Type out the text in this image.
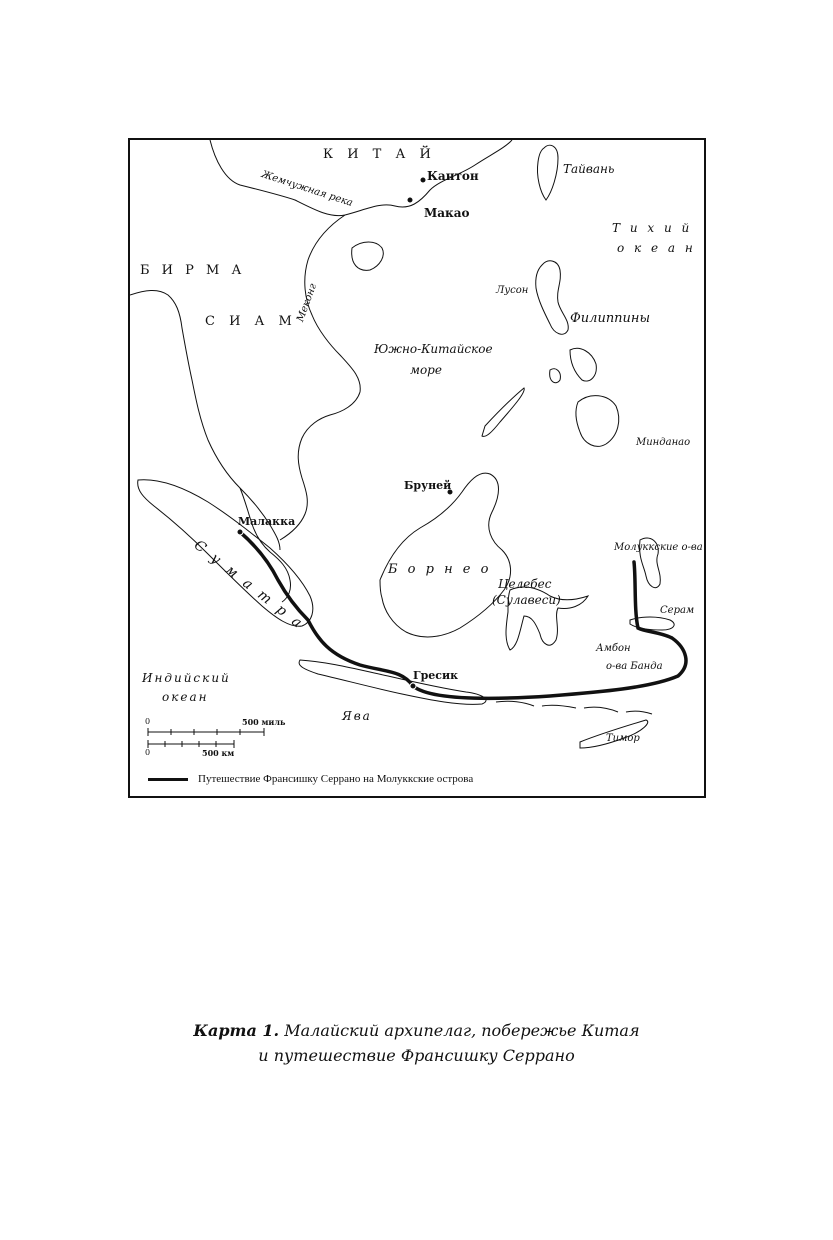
К И Т А Й
Жемчужная река	Кантон
Макао
Тайвань
Т и х и й
о к е а н
Б И Р М А
С И А М
Меконг	Лусон
Филиппины
Южно-Китайское
море
Минданао
Бруней
Малакка
Молуккские о-ва
С у м а т р а	Б о р н е о
Целебес
(Сулавеси)
Серам
Амбон
о-ва Банда
Индийский
океан
Гресик
Ява
Тимор
0	500 миль
0	500 км
Путешествие Франсишку Серрано на Молуккские острова
Карта 1. Малайский архипелаг, побережье Китая
и путешествие Франсишку Серрано
